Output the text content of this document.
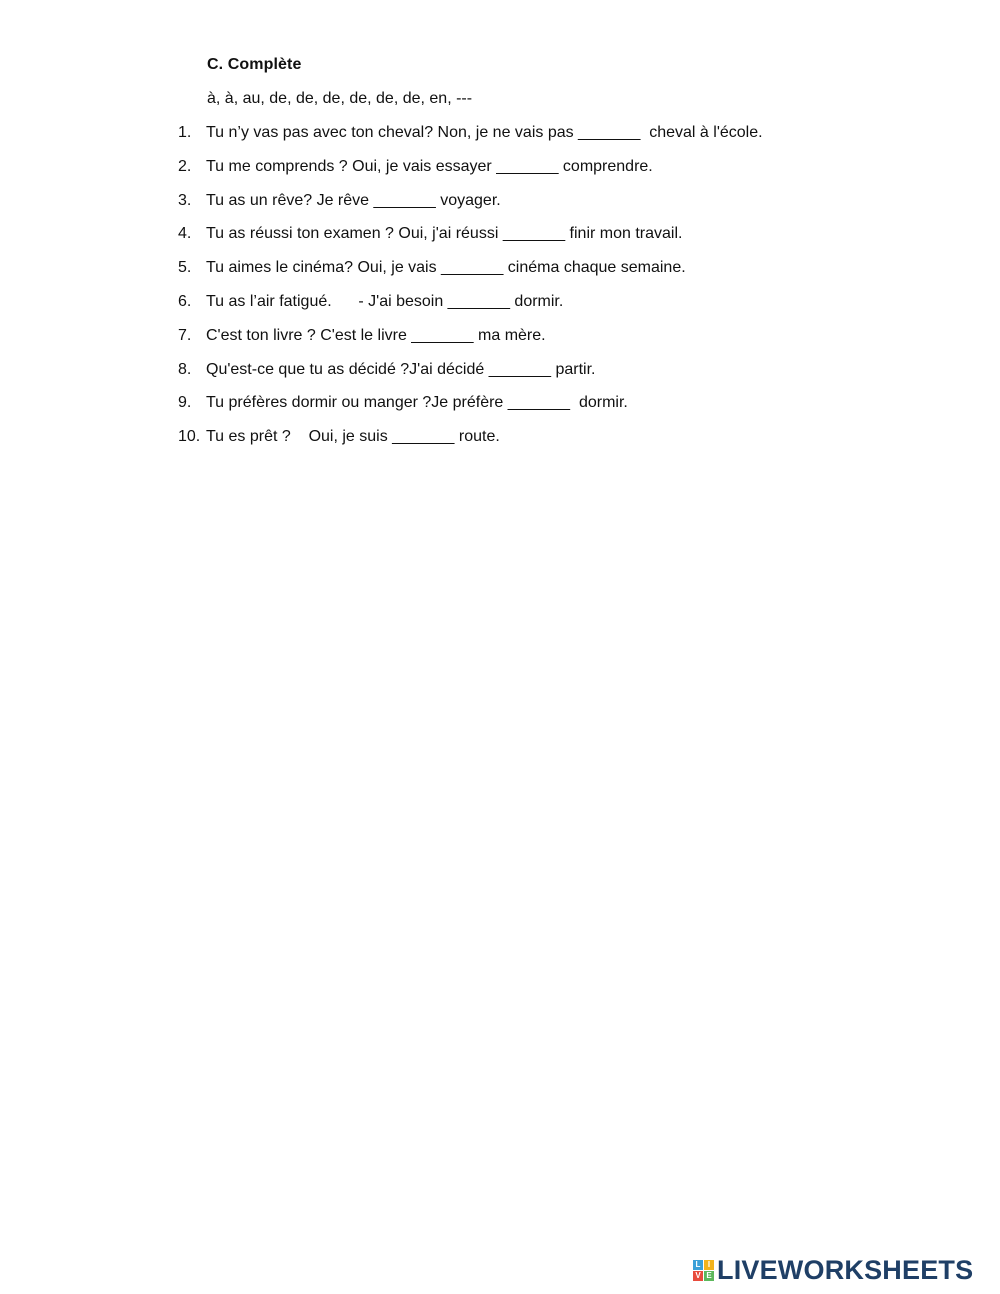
C. Complète
à, à, au, de, de, de, de, de, de, en, ---

1.

Tu n’y vas pas avec ton cheval? Non, je ne vais pas _______  cheval à l'école.

2.

Tu me comprends ? Oui, je vais essayer _______ comprendre.

3.

Tu as un rêve? Je rêve _______ voyager.

4.

Tu as réussi ton examen ? Oui, j'ai réussi _______ finir mon travail.

5.

Tu aimes le cinéma? Oui, je vais _______ cinéma chaque semaine.

6.

Tu as l’air fatigué.      - J'ai besoin _______ dormir.

7.

C'est ton livre ? C'est le livre _______ ma mère.

8.

Qu'est-ce que tu as décidé ?J'ai décidé _______ partir.

9.

Tu préfères dormir ou manger ?Je préfère _______  dormir.

10.

Tu es prêt ?    Oui, je suis _______ route.

L I
V E LIVEWORKSHEETS
